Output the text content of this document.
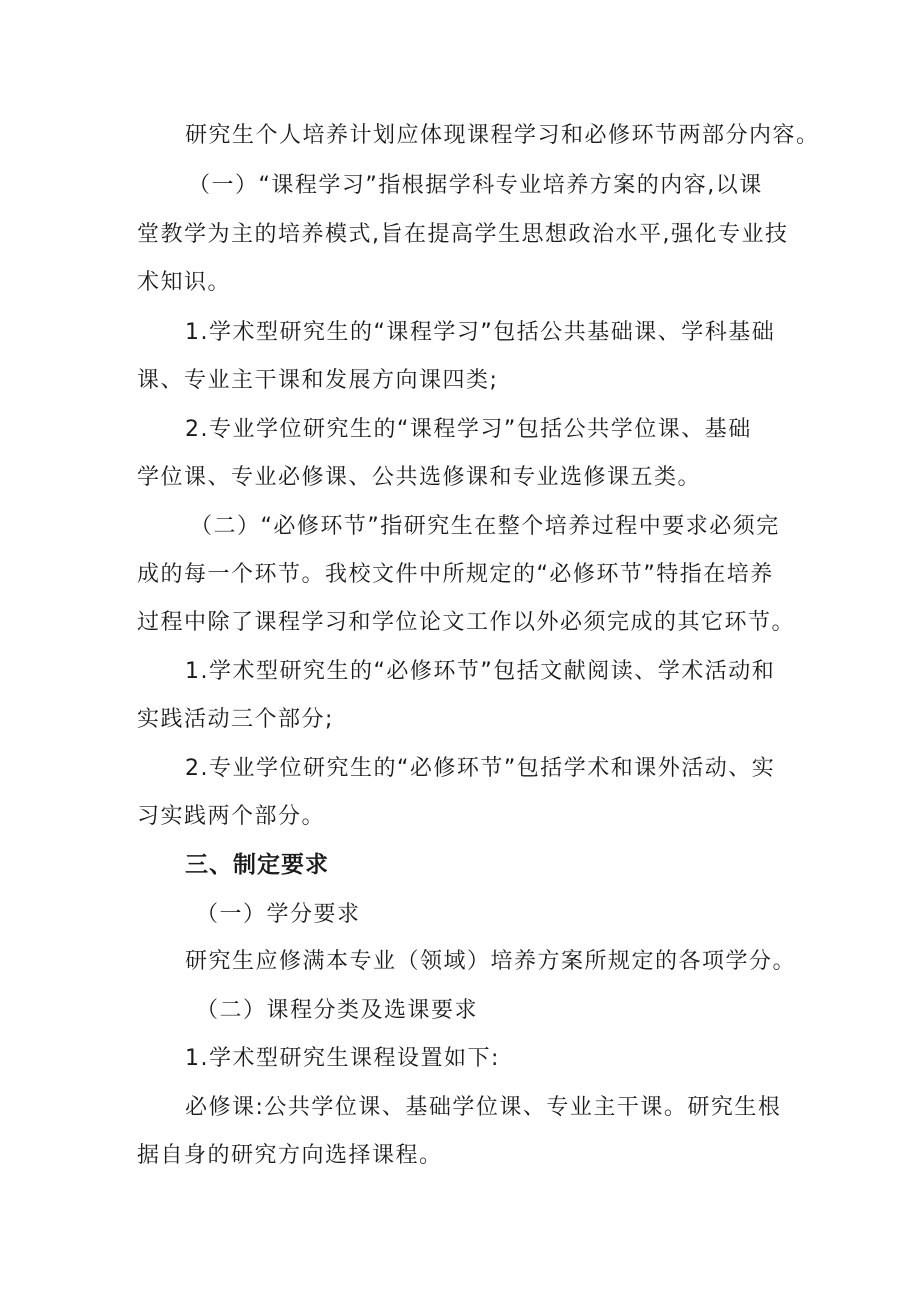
研究生个人培养计划应体现课程学习和必修环节两部分内容。
（一）“课程学习”指根据学科专业培养方案的内容,以课
堂教学为主的培养模式,旨在提高学生思想政治水平,强化专业技
术知识。
1.学术型研究生的“课程学习”包括公共基础课、学科基础
课、专业主干课和发展方向课四类;
2.专业学位研究生的“课程学习”包括公共学位课、基础
学位课、专业必修课、公共选修课和专业选修课五类。
（二）“必修环节”指研究生在整个培养过程中要求必须完
成的每一个环节。我校文件中所规定的“必修环节”特指在培养
过程中除了课程学习和学位论文工作以外必须完成的其它环节。
1.学术型研究生的“必修环节”包括文献阅读、学术活动和
实践活动三个部分;
2.专业学位研究生的“必修环节”包括学术和课外活动、实
习实践两个部分。
三、制定要求
（一）学分要求
研究生应修满本专业（领域）培养方案所规定的各项学分。
（二）课程分类及选课要求
1.学术型研究生课程设置如下:
必修课:公共学位课、基础学位课、专业主干课。研究生根
据自身的研究方向选择课程。
